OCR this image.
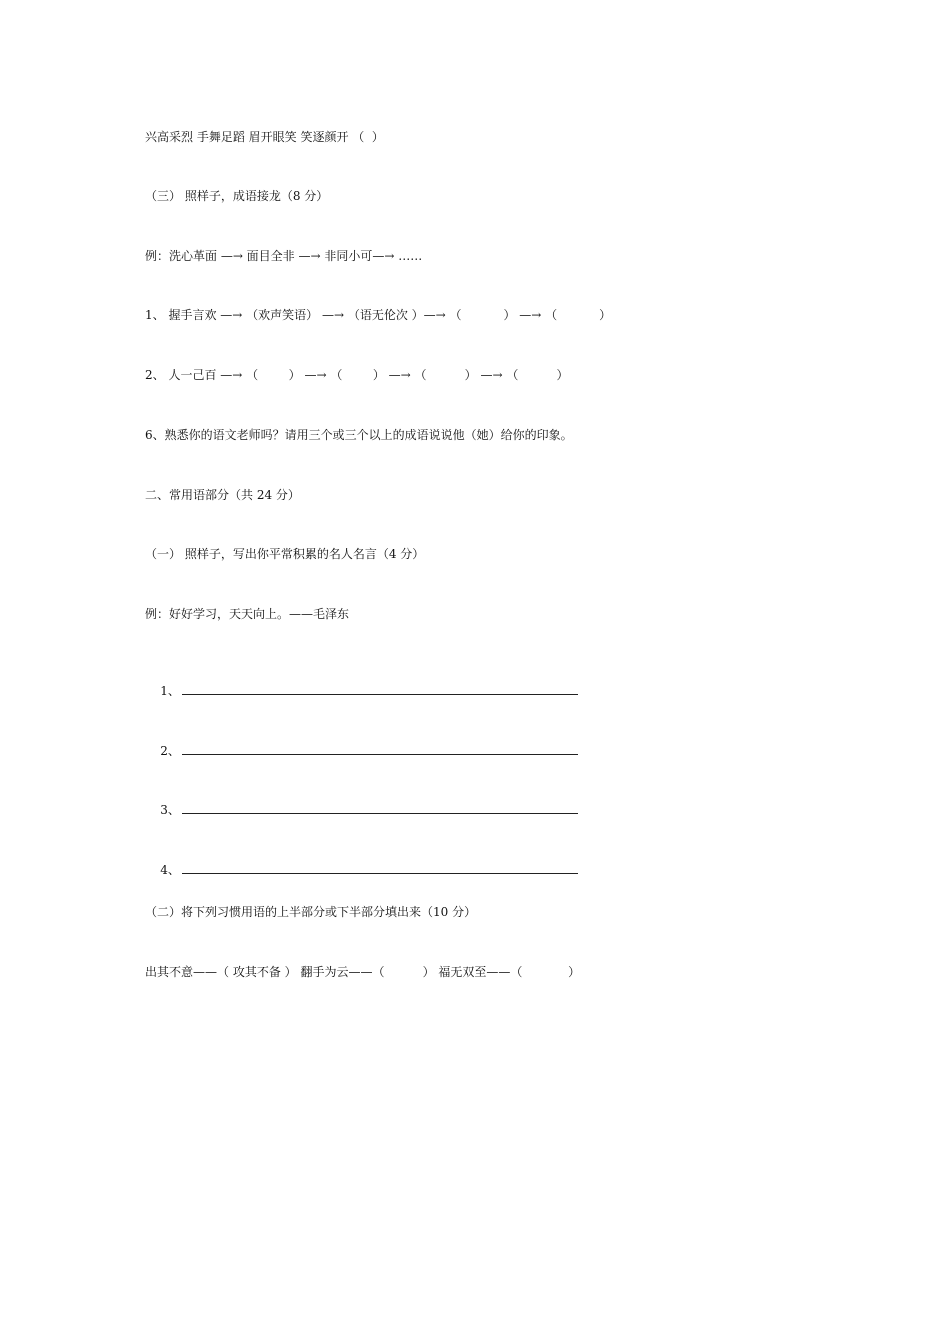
兴高采烈 手舞足蹈 眉开眼笑 笑逐颜开 （  ）
（三） 照样子，成语接龙（8 分）
例：洗心革面 —→ 面目全非 —→ 非同小可—→ ……
1、 握手言欢 —→ （欢声笑语） —→ （语无伦次 ）—→ （           ） —→ （           ）
2、 人一己百 —→ （        ） —→ （        ） —→ （          ） —→ （          ）
6、熟悉你的语文老师吗？请用三个或三个以上的成语说说他（她）给你的印象。
二、常用语部分（共 24 分）
（一） 照样子，写出你平常积累的名人名言（4 分）
例：好好学习，天天向上。——毛泽东

1、

2、

3、

4、

（二）将下列习惯用语的上半部分或下半部分填出来（10 分）
出其不意——（ 攻其不备 ） 翻手为云——（          ） 福无双至——（            ）
